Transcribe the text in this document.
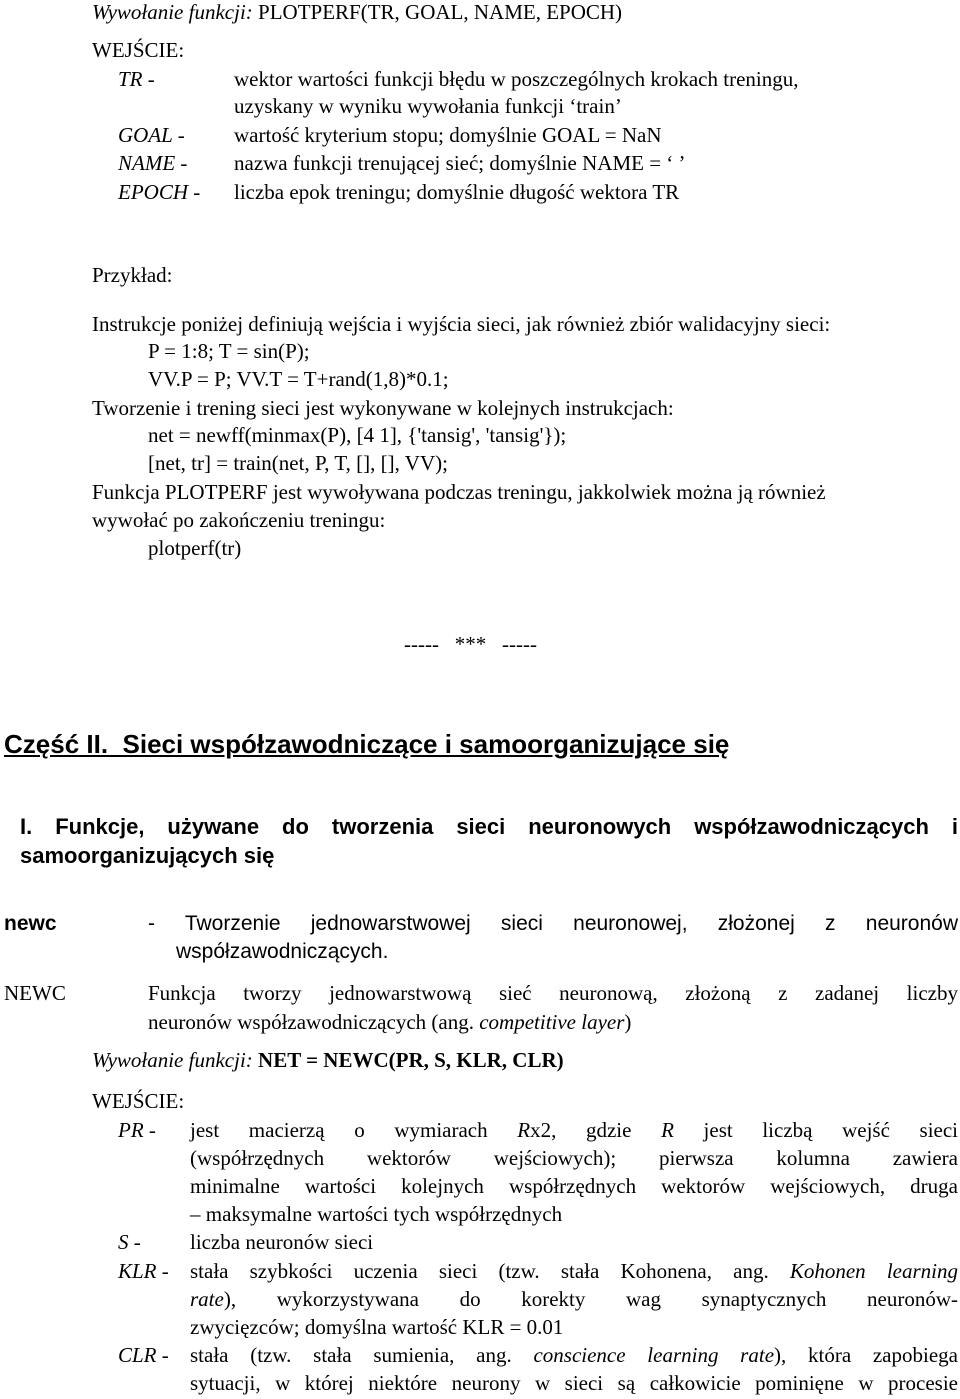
Wywołanie funkcji: PLOTPERF(TR, GOAL, NAME, EPOCH)
WEJŚCIE:
TR -	wektor wartości funkcji błędu w poszczególnych krokach treningu,
uzyskany w wyniku wywołania funkcji ‘train’
GOAL - wartość kryterium stopu; domyślnie GOAL = NaN
NAME - nazwa funkcji trenującej sieć; domyślnie NAME = ‘ ’
EPOCH - liczba epok treningu; domyślnie długość wektora TR
Przykład:
Instrukcje poniżej definiują wejścia i wyjścia sieci, jak również zbiór walidacyjny sieci:
P = 1:8; T = sin(P);
VV.P = P; VV.T = T+rand(1,8)*0.1;
Tworzenie i trening sieci jest wykonywane w kolejnych instrukcjach:
net = newff(minmax(P), [4 1], {'tansig', 'tansig'});
[net, tr] = train(net, P, T, [], [], VV);
Funkcja PLOTPERF jest wywoływana podczas treningu, jakkolwiek można ją również
wywołać po zakończeniu treningu:
plotperf(tr)
-----   ***   -----
Część II.  Sieci współzawodniczące i samoorganizujące się
I. Funkcje, używane do tworzenia sieci neuronowych współzawodniczących i
samoorganizujących się
newc	- Tworzenie jednowarstwowej sieci neuronowej, złożonej z neuronów
współzawodniczących.
NEWC	Funkcja tworzy jednowarstwową sieć neuronową, złożoną z zadanej liczby
neuronów współzawodniczących (ang. competitive layer)
Wywołanie funkcji: NET = NEWC(PR, S, KLR, CLR)
WEJŚCIE:
PR - jest macierzą o wymiarach Rx2, gdzie R jest liczbą wejść sieci
(współrzędnych wektorów wejściowych); pierwsza kolumna zawiera
minimalne wartości kolejnych współrzędnych wektorów wejściowych, druga
– maksymalne wartości tych współrzędnych
S - liczba neuronów sieci
KLR - stała szybkości uczenia sieci (tzw. stała Kohonena, ang. Kohonen learning
rate), wykorzystywana do korekty wag synaptycznych neuronów-
zwycięzców; domyślna wartość KLR = 0.01
CLR - stała (tzw. stała sumienia, ang. conscience learning rate), która zapobiega
sytuacji, w której niektóre neurony w sieci są całkowicie pominięne w procesie
